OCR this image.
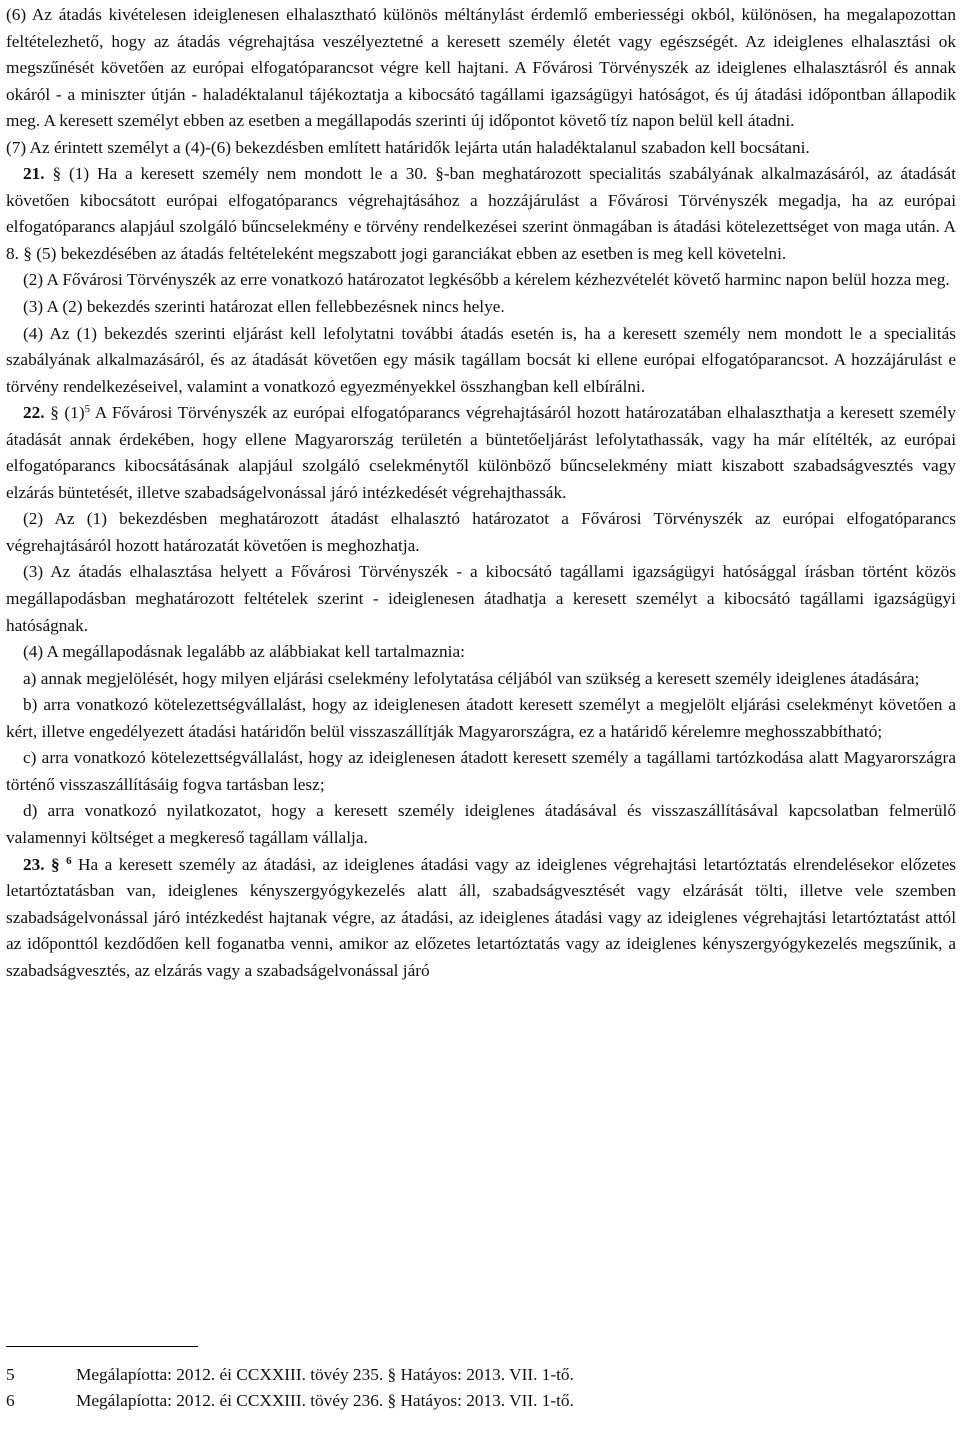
(6) Az átadás kivételesen ideiglenesen elhalasztható különös méltánylást érdemlő emberiességi okból, különösen, ha megalapozottan feltételezhető, hogy az átadás végrehajtása veszélyeztetné a keresett személy életét vagy egészségét. Az ideiglenes elhalasztási ok megszűnését követően az európai elfogatóparancsot végre kell hajtani. A Fővárosi Törvényszék az ideiglenes elhalasztásról és annak okáról - a miniszter útján - haladéktalanul tájékoztatja a kibocsátó tagállami igazságügyi hatóságot, és új átadási időpontban állapodik meg. A keresett személyt ebben az esetben a megállapodás szerinti új időpontot követő tíz napon belül kell átadni.

(7) Az érintett személyt a (4)-(6) bekezdésben említett határidők lejárta után haladéktalanul szabadon kell bocsátani.

21. § (1) Ha a keresett személy nem mondott le a 30. §-ban meghatározott specialitás szabályának alkalmazásáról, az átadását követően kibocsátott európai elfogatóparancs végrehajtásához a hozzájárulást a Fővárosi Törvényszék megadja, ha az európai elfogatóparancs alapjául szolgáló bűncselekmény e törvény rendelkezései szerint önmagában is átadási kötelezettséget von maga után. A 8. § (5) bekezdésében az átadás feltételeként megszabott jogi garanciákat ebben az esetben is meg kell követelni.

(2) A Fővárosi Törvényszék az erre vonatkozó határozatot legkésőbb a kérelem kézhezvételét követő harminc napon belül hozza meg.

(3) A (2) bekezdés szerinti határozat ellen fellebbezésnek nincs helye.

(4) Az (1) bekezdés szerinti eljárást kell lefolytatni további átadás esetén is, ha a keresett személy nem mondott le a specialitás szabályának alkalmazásáról, és az átadását követően egy másik tagállam bocsát ki ellene európai elfogatóparancsot. A hozzájárulást e törvény rendelkezéseivel, valamint a vonatkozó egyezményekkel összhangban kell elbírálni.

22. § $(1)^5$ A Fővárosi Törvényszék az európai elfogatóparancs végrehajtásáról hozott határozatában elhalaszthatja a keresett személy átadását annak érdekében, hogy ellene Magyarország területén a büntetőeljárást lefolytathassák, vagy ha már elítélték, az európai elfogatóparancs kibocsátásának alapjául szolgáló cselekménytől különböző bűncselekmény miatt kiszabott szabadságvesztés vagy elzárás büntetését, illetve szabadságelvonással járó intézkedését végrehajthassák.

(2) Az (1) bekezdésben meghatározott átadást elhalasztó határozatot a Fővárosi Törvényszék az európai elfogatóparancs végrehajtásáról hozott határozatát követően is meghozhatja.

(3) Az átadás elhalasztása helyett a Fővárosi Törvényszék - a kibocsátó tagállami igazságügyi hatósággal írásban történt közös megállapodásban meghatározott feltételek szerint - ideiglenesen átadhatja a keresett személyt a kibocsátó tagállami igazságügyi hatóságnak.

(4) A megállapodásnak legalább az alábbiakat kell tartalmaznia:

a) annak megjelölését, hogy milyen eljárási cselekmény lefolytatása céljából van szükség a keresett személy ideiglenes átadására;

b) arra vonatkozó kötelezettségvállalást, hogy az ideiglenesen átadott keresett személyt a megjelölt eljárási cselekményt követően a kért, illetve engedélyezett átadási határidőn belül visszaszállítják Magyarországra, ez a határidő kérelemre meghosszabbítható;

c) arra vonatkozó kötelezettségvállalást, hogy az ideiglenesen átadott keresett személy a tagállami tartózkodása alatt Magyarországra történő visszaszállításáig fogva tartásban lesz;

d) arra vonatkozó nyilatkozatot, hogy a keresett személy ideiglenes átadásával és visszaszállításával kapcsolatban felmerülő valamennyi költséget a megkereső tagállam vállalja.

23. § $^6$ Ha a keresett személy az átadási, az ideiglenes átadási vagy az ideiglenes végrehajtási letartóztatás elrendelésekor előzetes letartóztatásban van, ideiglenes kényszergyógykezelés alatt áll, szabadságvesztését vagy elzárását tölti, illetve vele szemben szabadságelvonással járó intézkedést hajtanak végre, az átadási, az ideiglenes átadási vagy az ideiglenes végrehajtási letartóztatást attól az időponttól kezdődően kell foganatba venni, amikor az előzetes letartóztatás vagy az ideiglenes kényszergyógykezelés megszűnik, a szabadságvesztés, az elzárás vagy a szabadságelvonással járó

5	Megálapíotta: 2012. éi CCXXIII. tövéy 235. § Hatáyos: 2013. VII. 1-tő.
6	Megálapíotta: 2012. éi CCXXIII. tövéy 236. § Hatáyos: 2013. VII. 1-tő.
